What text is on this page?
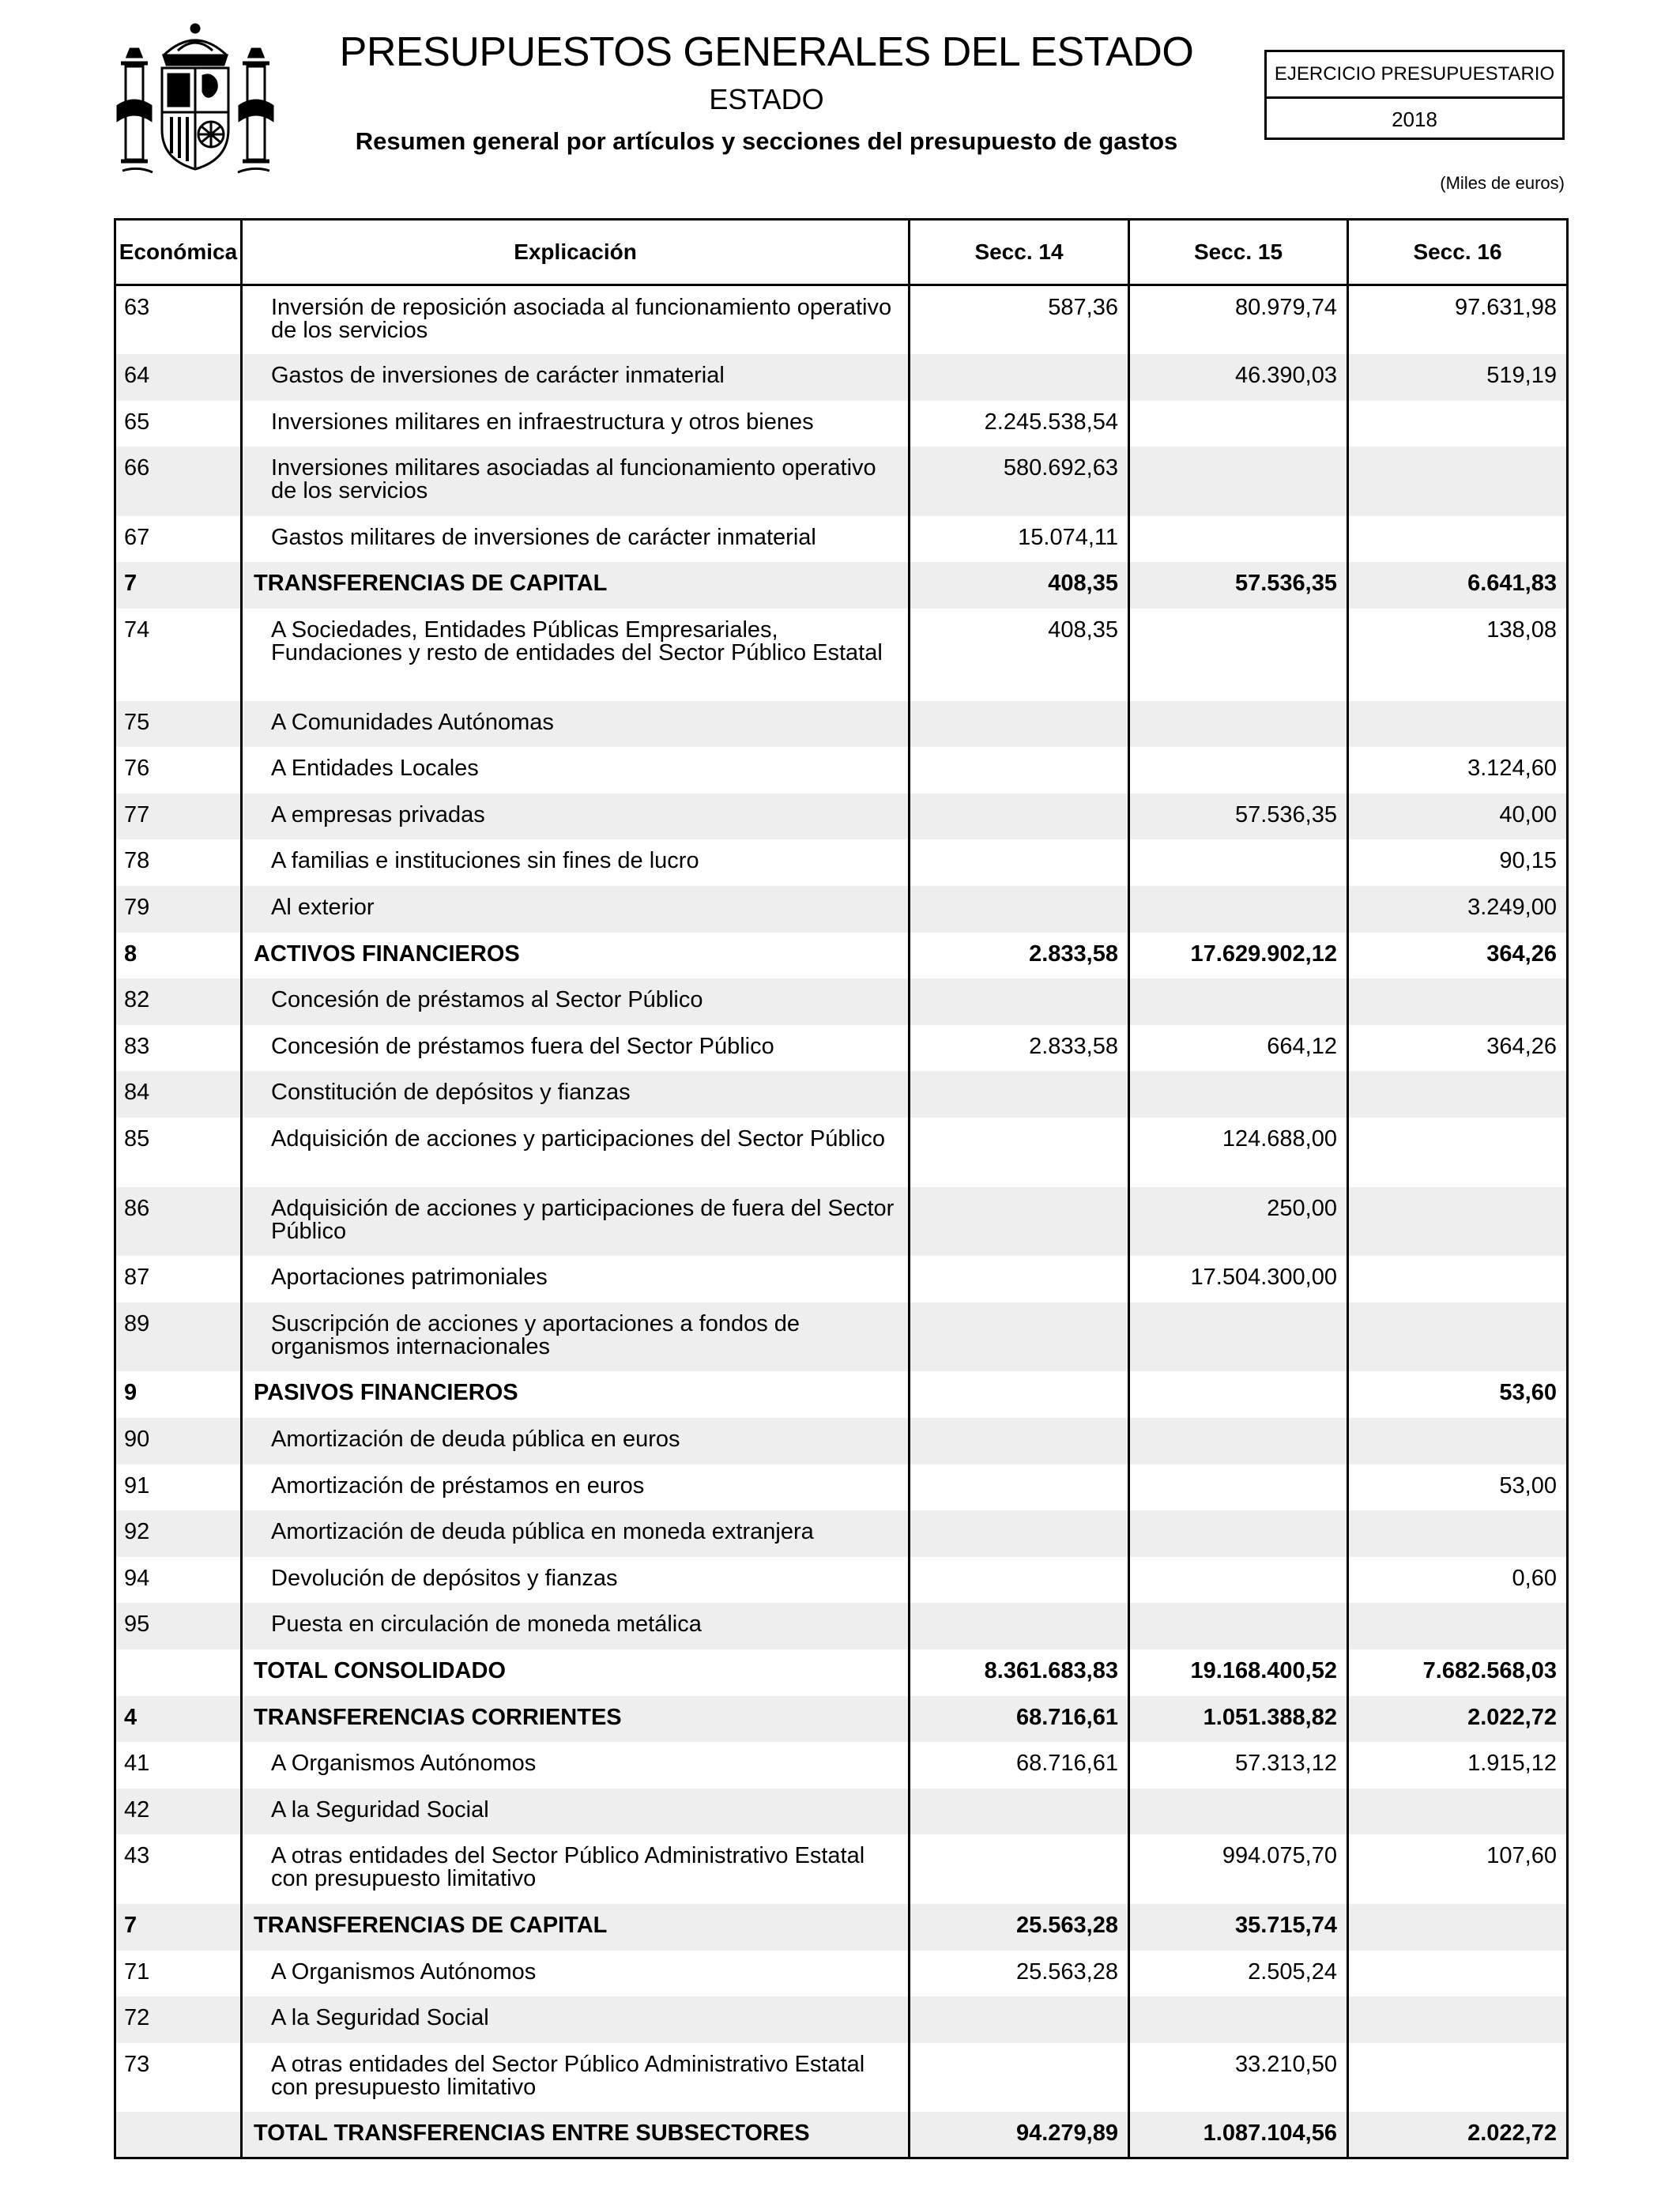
PRESUPUESTOS GENERALES DEL ESTADO
ESTADO
Resumen general por artículos y secciones del presupuesto de gastos
EJERCICIO PRESUPUESTARIO
2018
(Miles de euros)
Económica	Explicación	Secc. 14	Secc. 15	Secc. 16
63	Inversión de reposición asociada al funcionamiento operativo de los servicios	587,36	80.979,74	97.631,98
64	Gastos de inversiones de carácter inmaterial		46.390,03	519,19
65	Inversiones militares en infraestructura y otros bienes	2.245.538,54		
66	Inversiones militares asociadas al funcionamiento operativo de los servicios	580.692,63		
67	Gastos militares de inversiones de carácter inmaterial	15.074,11		
7	TRANSFERENCIAS DE CAPITAL	408,35	57.536,35	6.641,83
74	A Sociedades, Entidades Públicas Empresariales, Fundaciones y resto de entidades del Sector Público Estatal	408,35		138,08
75	A Comunidades Autónomas			
76	A Entidades Locales			3.124,60
77	A empresas privadas		57.536,35	40,00
78	A familias e instituciones sin fines de lucro			90,15
79	Al exterior			3.249,00
8	ACTIVOS FINANCIEROS	2.833,58	17.629.902,12	364,26
82	Concesión de préstamos al Sector Público			
83	Concesión de préstamos fuera del Sector Público	2.833,58	664,12	364,26
84	Constitución de depósitos y fianzas			
85	Adquisición de acciones y participaciones del Sector Público		124.688,00	
86	Adquisición de acciones y participaciones de fuera del Sector Público		250,00	
87	Aportaciones patrimoniales		17.504.300,00	
89	Suscripción de acciones y aportaciones a fondos de organismos internacionales			
9	PASIVOS FINANCIEROS			53,60
90	Amortización de deuda pública en euros			
91	Amortización de préstamos en euros			53,00
92	Amortización de deuda pública en moneda extranjera			
94	Devolución de depósitos y fianzas			0,60
95	Puesta en circulación de moneda metálica			
	TOTAL CONSOLIDADO	8.361.683,83	19.168.400,52	7.682.568,03
4	TRANSFERENCIAS CORRIENTES	68.716,61	1.051.388,82	2.022,72
41	A Organismos Autónomos	68.716,61	57.313,12	1.915,12
42	A la Seguridad Social			
43	A otras entidades del Sector Público Administrativo Estatal con presupuesto limitativo		994.075,70	107,60
7	TRANSFERENCIAS DE CAPITAL	25.563,28	35.715,74	
71	A Organismos Autónomos	25.563,28	2.505,24	
72	A la Seguridad Social			
73	A otras entidades del Sector Público Administrativo Estatal con presupuesto limitativo		33.210,50	
	TOTAL TRANSFERENCIAS ENTRE SUBSECTORES	94.279,89	1.087.104,56	2.022,72
